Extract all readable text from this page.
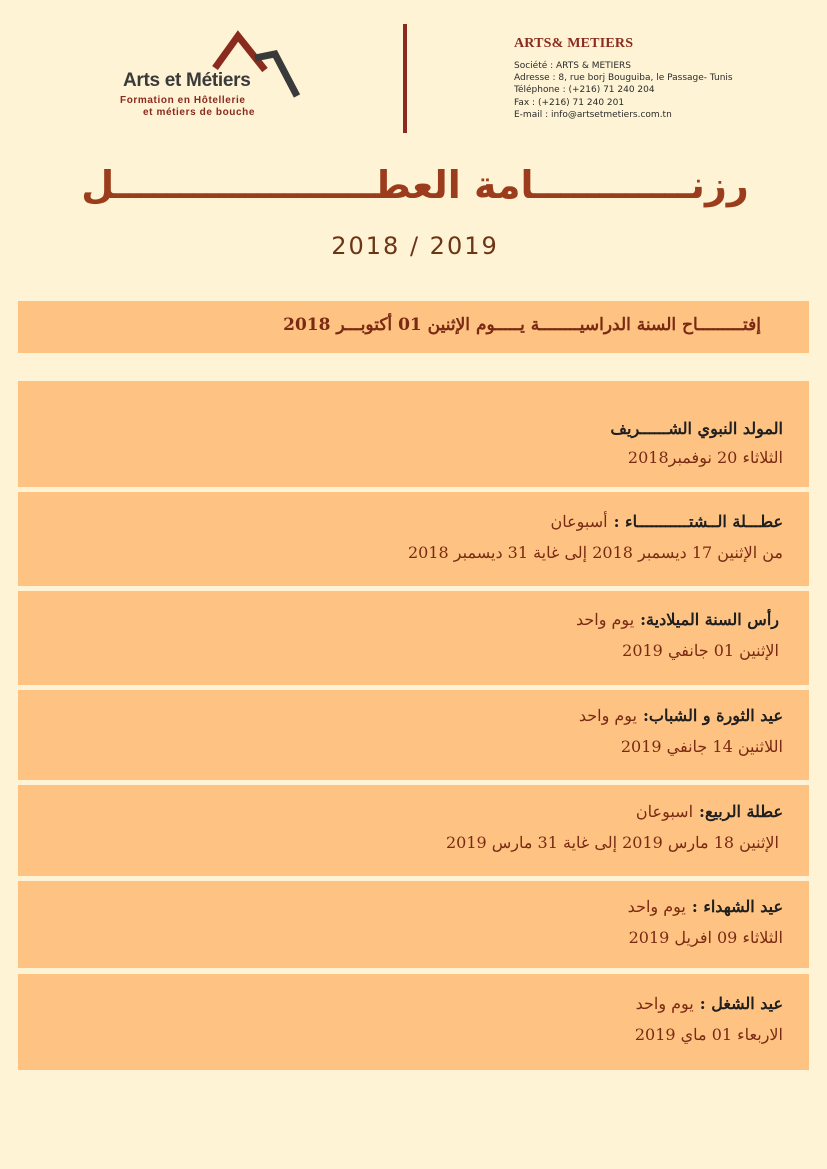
Arts et Métiers
Formation en Hôtellerie
et métiers de bouche
ARTS& METIERS
Société : ARTS & METIERS
Adresse : 8, rue borj Bouguiba, le Passage- Tunis
Téléphone : (+216) 71 240 204
Fax : (+216) 71 240 201
E-mail : info@artsetmetiers.com.tn
رزنــــــــــــامة العطــــــــــــــــــــل
2018 / 2019
إفتـــــــــاح السنة الدراسيــــــــة يـــــوم الإثنين 01 أكتوبـــر 2018
المولد النبوي الشــــــريف
الثلاثاء 20 نوفمبر2018
عطـــلة الــشتـــــــــــاء :أسبوعان
من الإثنين 17 ديسمبر 2018 إلى غاية 31 ديسمبر 2018
رأس السنة الميلادية:يوم واحد
الإثنين 01 جانفي 2019
عيد الثورة و الشباب:يوم واحد
اللاثنين 14 جانفي 2019
عطلة الربيع:اسبوعان
الإثنين 18 مارس 2019 إلى غاية 31 مارس 2019
عيد الشهداء :يوم واحد
الثلاثاء 09 افريل 2019
عيد الشغل :يوم واحد
الاربعاء 01 ماي 2019
